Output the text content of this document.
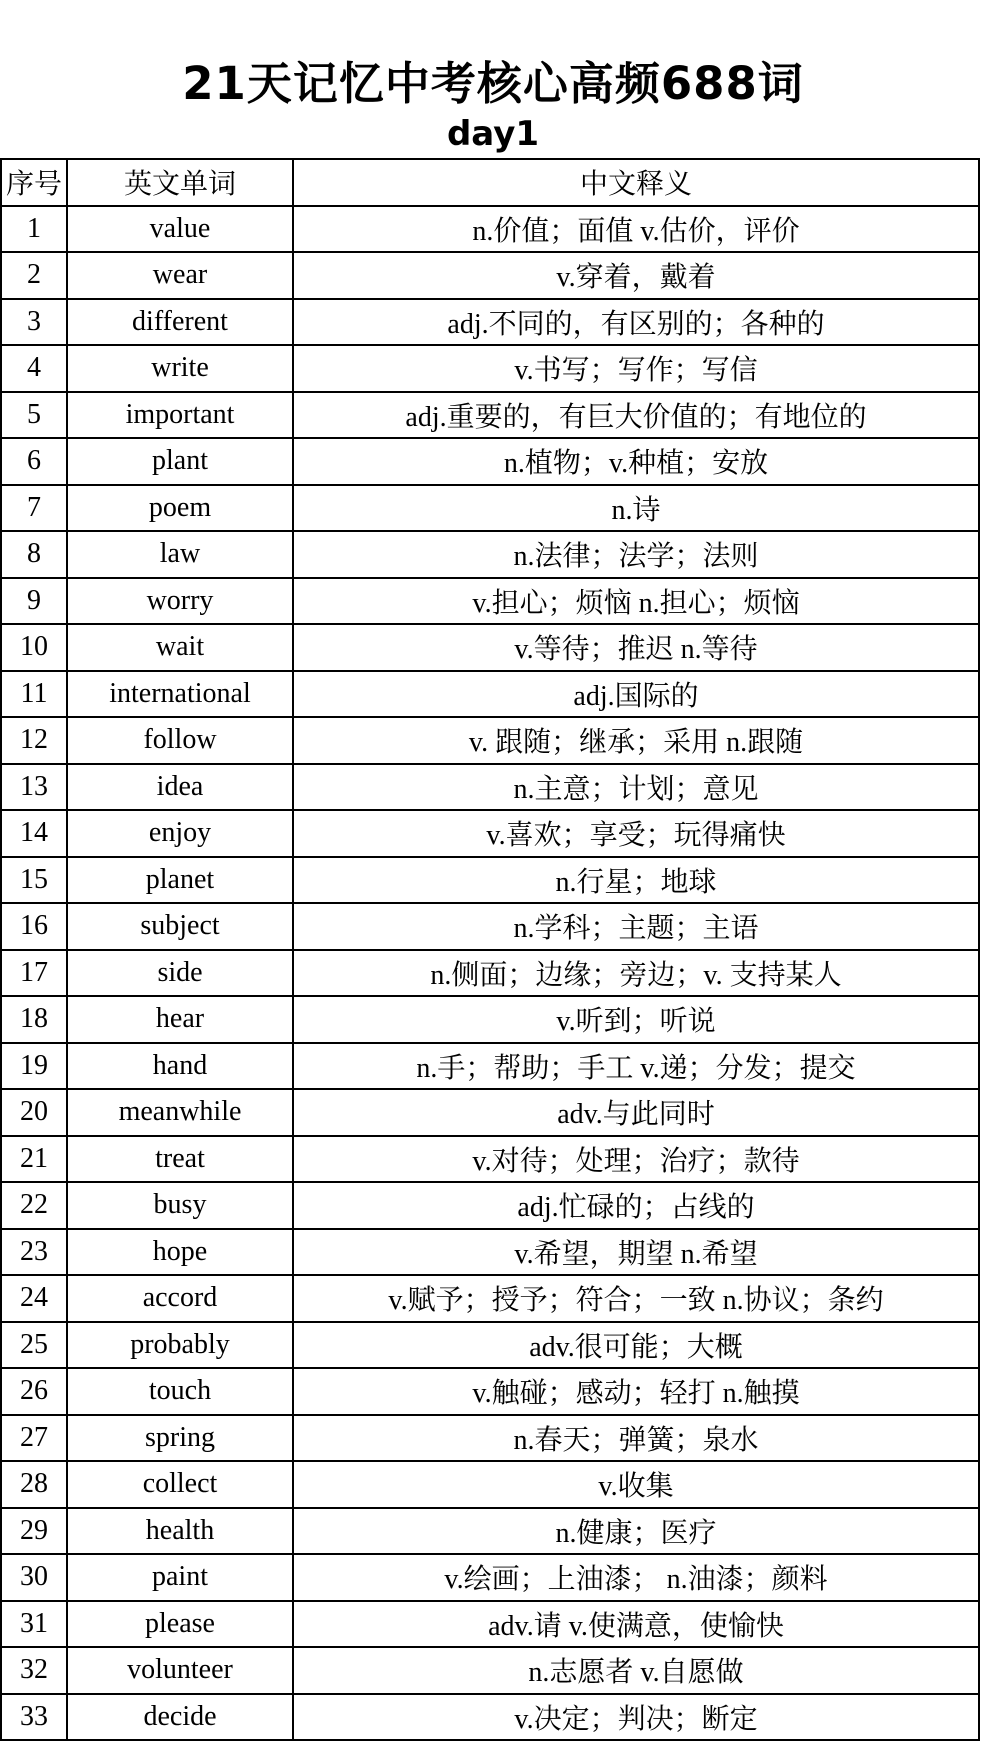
21天记忆中考核心高频688词
day1
序号	英文单词	中文释义
1	value	n.价值；面值 v.估价，评价
2	wear	v.穿着，戴着
3	different	adj.不同的，有区别的；各种的
4	write	v.书写；写作；写信
5	important	adj.重要的，有巨大价值的；有地位的
6	plant	n.植物；v.种植；安放
7	poem	n.诗
8	law	n.法律；法学；法则
9	worry	v.担心；烦恼 n.担心；烦恼
10	wait	v.等待；推迟 n.等待
11	international	adj.国际的
12	follow	v. 跟随；继承；采用 n.跟随
13	idea	n.主意；计划；意见
14	enjoy	v.喜欢；享受；玩得痛快
15	planet	n.行星；地球
16	subject	n.学科；主题；主语
17	side	n.侧面；边缘；旁边；v. 支持某人
18	hear	v.听到；听说
19	hand	n.手；帮助；手工 v.递；分发；提交
20	meanwhile	adv.与此同时
21	treat	v.对待；处理；治疗；款待
22	busy	adj.忙碌的；占线的
23	hope	v.希望，期望 n.希望
24	accord	v.赋予；授予；符合；一致 n.协议；条约
25	probably	adv.很可能；大概
26	touch	v.触碰；感动；轻打 n.触摸
27	spring	n.春天；弹簧；泉水
28	collect	v.收集
29	health	n.健康；医疗
30	paint	v.绘画；上油漆； n.油漆；颜料
31	please	adv.请 v.使满意，使愉快
32	volunteer	n.志愿者 v.自愿做
33	decide	v.决定；判决；断定
